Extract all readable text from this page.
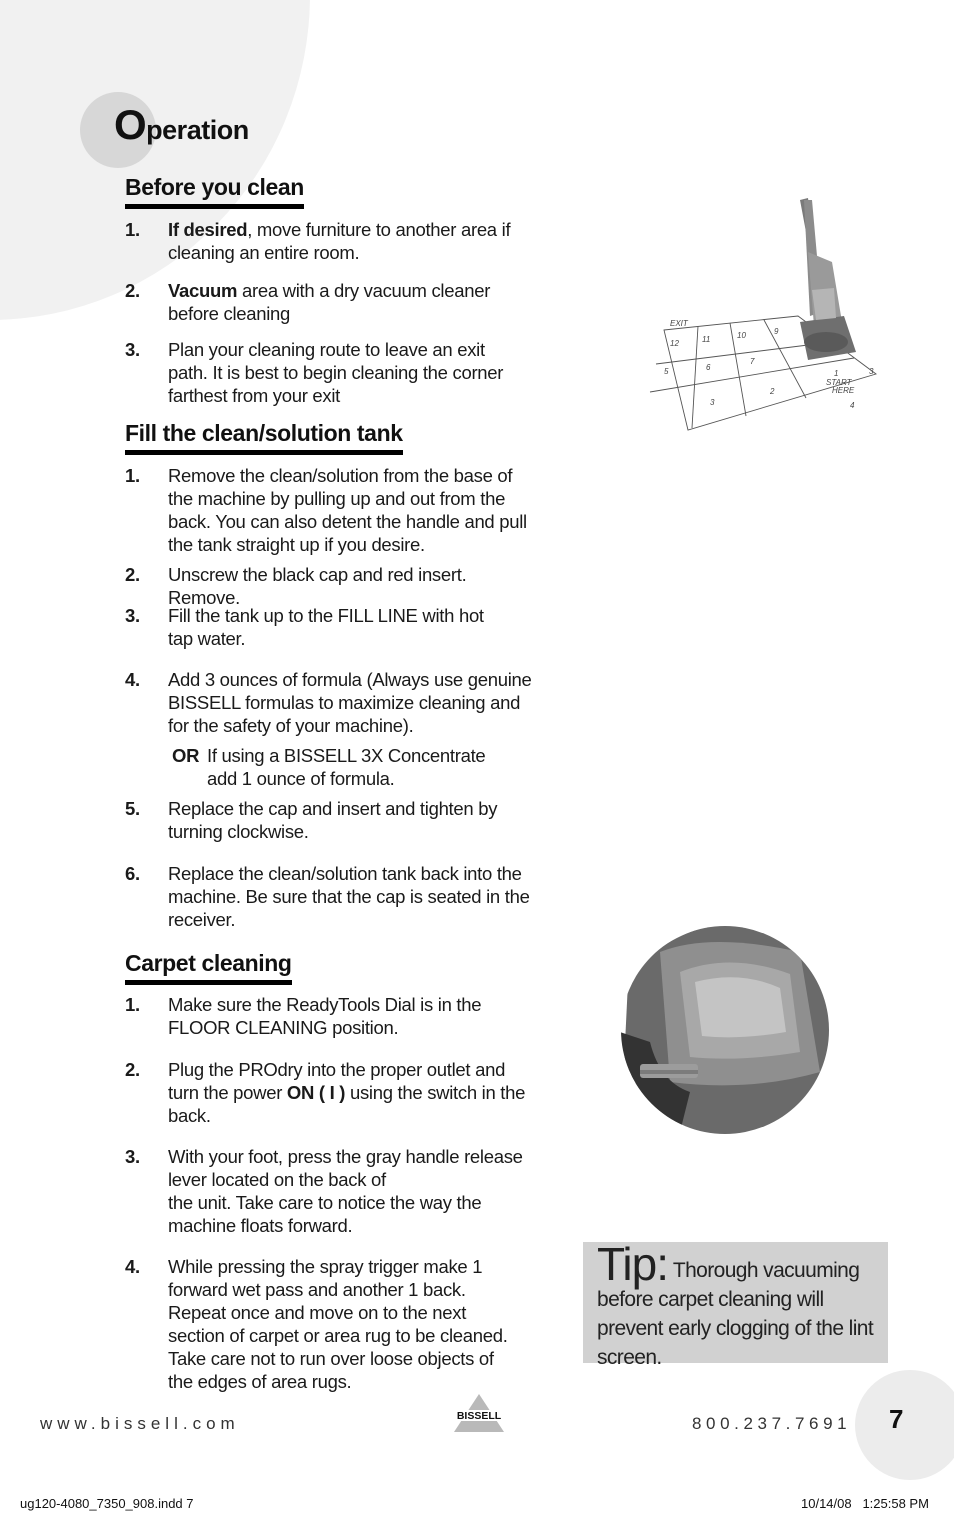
Operation
Before you clean
1. If desired, move furniture to another area if cleaning an entire room.
2. Vacuum area with a dry vacuum cleaner before cleaning
3. Plan your cleaning route to leave an exit path. It is best to begin cleaning the corner farthest from your exit
Fill the clean/solution tank
1. Remove the clean/solution from the base of the machine by pulling up and out from the back. You can also detent the handle and pull the tank straight up if you desire.
2. Unscrew the black cap and red insert. Remove.
3. Fill the tank up to the FILL LINE with hot tap water.
4. Add 3 ounces of formula (Always use genuine BISSELL formulas to maximize cleaning and for the safety of your machine).
OR If using a BISSELL 3X Concentrate add 1 ounce of formula.
5. Replace the cap and insert and tighten by turning clockwise.
6. Replace the clean/solution tank back into the machine. Be sure that the cap is seated in the receiver.
Carpet cleaning
1. Make sure the ReadyTools Dial is in the FLOOR CLEANING position.
2. Plug the PROdry into the proper outlet and turn the power ON ( I ) using the switch in the back.
3. With your foot, press the gray handle release lever located on the back of
the unit. Take care to notice the way the machine floats forward.
4. While pressing the spray trigger make 1 forward wet pass and another 1 back. Repeat once and move on to the next section of carpet or area rug to be cleaned. Take care not to run over loose objects of the edges of area rugs.
EXIT
12	11	10	9
5	6
7
3
2
1
START
HERE
3
4
Tip: Thorough vacuuming before carpet cleaning will prevent early clogging of the lint screen.
www.bissell.com	BISSELL	800.237.7691 7
ug120-4080_7350_908.indd 7	10/14/08   1:25:58 PM
